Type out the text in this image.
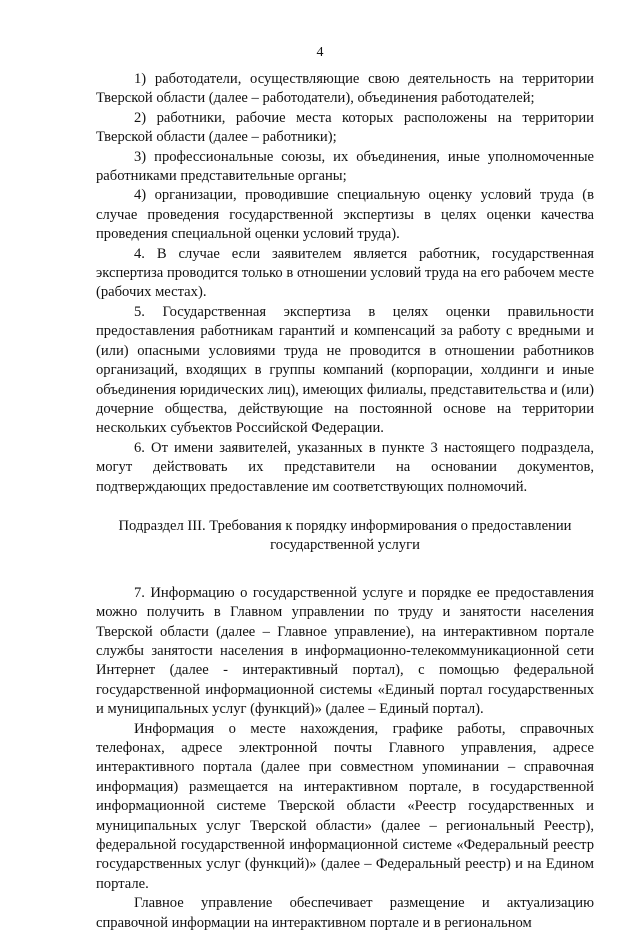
4

1) работодатели, осуществляющие свою деятельность на территории Тверской области (далее – работодатели), объединения работодателей;

2) работники, рабочие места которых расположены на территории Тверской области (далее – работники);

3) профессиональные союзы, их объединения, иные уполномоченные работниками представительные органы;

4) организации, проводившие специальную оценку условий труда (в случае проведения государственной экспертизы в целях оценки качества проведения специальной оценки условий труда).

4. В случае если заявителем является работник, государственная экспертиза проводится только в отношении условий труда на его рабочем месте (рабочих местах).

5. Государственная экспертиза в целях оценки правильности предоставления работникам гарантий и компенсаций за работу с вредными и (или) опасными условиями труда не проводится в отношении работников организаций, входящих в группы компаний (корпорации, холдинги и иные объединения юридических лиц), имеющих филиалы, представительства и (или) дочерние общества, действующие на постоянной основе на территории нескольких субъектов Российской Федерации.

6. От имени заявителей, указанных в пункте 3 настоящего подраздела, могут действовать их представители на основании документов, подтверждающих предоставление им соответствующих полномочий.

Подраздел III. Требования к порядку информирования о предоставлении
государственной услуги

7. Информацию о государственной услуге и порядке ее предоставления можно получить в Главном управлении по труду и занятости населения Тверской области (далее – Главное управление), на интерактивном портале службы занятости населения в информационно-телекоммуникационной сети Интернет (далее - интерактивный портал), с помощью федеральной государственной информационной системы «Единый портал государственных и муниципальных услуг (функций)» (далее – Единый портал).

Информация о месте нахождения, графике работы, справочных телефонах, адресе электронной почты Главного управления, адресе интерактивного портала (далее при совместном упоминании – справочная информация) размещается на интерактивном портале, в государственной информационной системе Тверской области «Реестр государственных и муниципальных услуг Тверской области» (далее – региональный Реестр), федеральной государственной информационной системе «Федеральный реестр государственных услуг (функций)» (далее – Федеральный реестр) и на Едином портале.

Главное управление обеспечивает размещение и актуализацию справочной информации на интерактивном портале и в региональном
